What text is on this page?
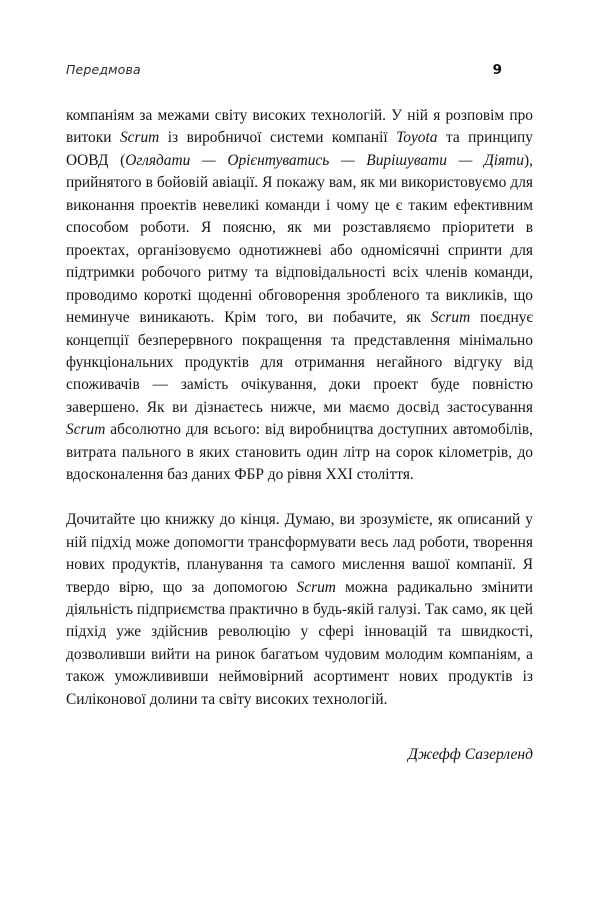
Передмова	9

компаніям за межами світу високих технологій. У ній я розповім про витоки Scrum із виробничої системи компанії Toyota та принципу ООВД (Оглядати — Орієнтуватись — Вирішувати — Діяти), прийнятого в бойовій авіації. Я покажу вам, як ми використовуємо для виконання проектів невеликі команди і чому це є таким ефективним способом роботи. Я поясню, як ми розставляємо пріоритети в проектах, організовуємо однотижневі або одномісячні спринти для підтримки робочого ритму та відповідальності всіх членів команди, проводимо короткі щоденні обговорення зробленого та викликів, що неминуче виникають. Крім того, ви побачите, як Scrum поєднує концепції безперервного покращення та представлення мінімально функціональних продуктів для отримання негайного відгуку від споживачів — замість очікування, доки проект буде повністю завершено. Як ви дізнаєтесь нижче, ми маємо досвід застосування Scrum абсолютно для всього: від виробництва доступних автомобілів, витрата пального в яких становить один літр на сорок кілометрів, до вдосконалення баз даних ФБР до рівня XXI століття.

Дочитайте цю книжку до кінця. Думаю, ви зрозумієте, як описаний у ній підхід може допомогти трансформувати весь лад роботи, творення нових продуктів, планування та самого мислення вашої компанії. Я твердо вірю, що за допомогою Scrum можна радикально змінити діяльність підприємства практично в будь-якій галузі. Так само, як цей підхід уже здійснив революцію у сфері інновацій та швидкості, дозволивши вийти на ринок багатьом чудовим молодим компаніям, а також уможлививши неймовірний асортимент нових продуктів із Силіконової долини та світу високих технологій.

Джефф Сазерленд
